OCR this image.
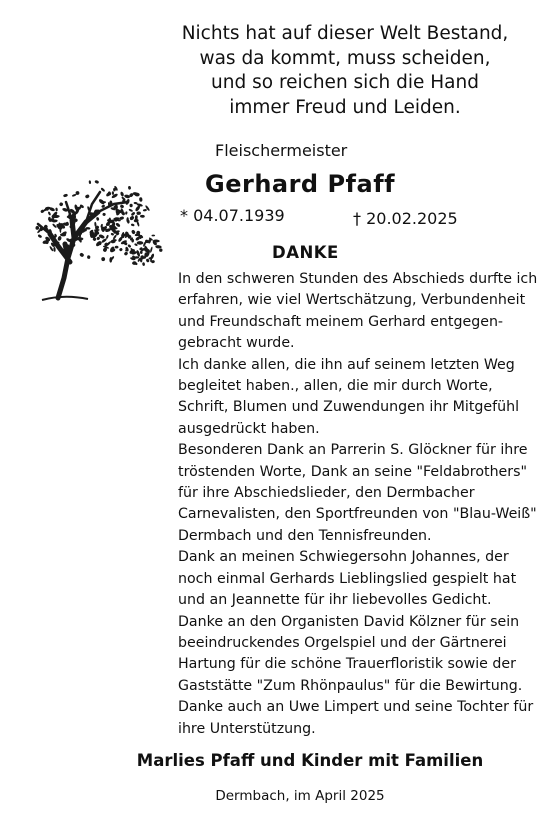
Nichts hat auf dieser Welt Bestand,
was da kommt, muss scheiden,
und so reichen sich die Hand
immer Freud und Leiden.
Fleischermeister
Gerhard Pfaff
* 04.07.1939	† 20.02.2025
DANKE
In den schweren Stunden des Abschieds durfte ich
erfahren, wie viel Wertschätzung, Verbundenheit
und Freundschaft meinem Gerhard entgegen-
gebracht wurde.
Ich danke allen, die ihn auf seinem letzten Weg
begleitet haben., allen, die mir durch Worte,
Schrift, Blumen und Zuwendungen ihr Mitgefühl
ausgedrückt haben.
Besonderen Dank an Parrerin S. Glöckner für ihre
tröstenden Worte, Dank an seine "Feldabrothers"
für ihre Abschiedslieder, den Dermbacher
Carnevalisten, den Sportfreunden von "Blau-Weiß"
Dermbach und den Tennisfreunden.
Dank an meinen Schwiegersohn Johannes, der
noch einmal Gerhards Lieblingslied gespielt hat
und an Jeannette für ihr liebevolles Gedicht.
Danke an den Organisten David Kölzner für sein
beeindruckendes Orgelspiel und der Gärtnerei
Hartung für die schöne Trauerfloristik sowie der
Gaststätte "Zum Rhönpaulus" für die Bewirtung.
Danke auch an Uwe Limpert und seine Tochter für
ihre Unterstützung.
Marlies Pfaff und Kinder mit Familien
Dermbach, im April 2025
